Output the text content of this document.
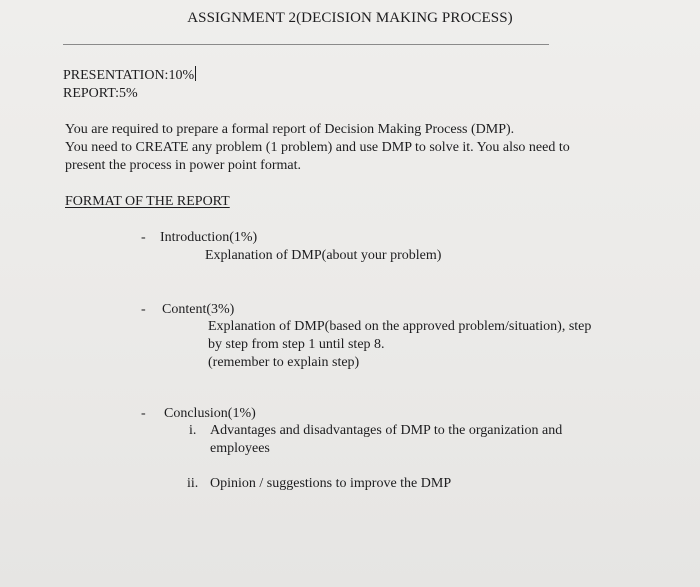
ASSIGNMENT 2(DECISION MAKING PROCESS)
PRESENTATION:10%
REPORT:5%
You are required to prepare a formal report of Decision Making Process (DMP).
You need to CREATE any problem (1 problem) and use DMP to solve it. You also need to
present the process in power point format.
FORMAT OF THE REPORT
- Introduction(1%)
Explanation of DMP(about your problem)
- Content(3%)
Explanation of DMP(based on the approved problem/situation), step
by step from step 1 until step 8.
(remember to explain step)
- Conclusion(1%)
i. Advantages and disadvantages of DMP to the organization and
employees
ii. Opinion / suggestions to improve the DMP
